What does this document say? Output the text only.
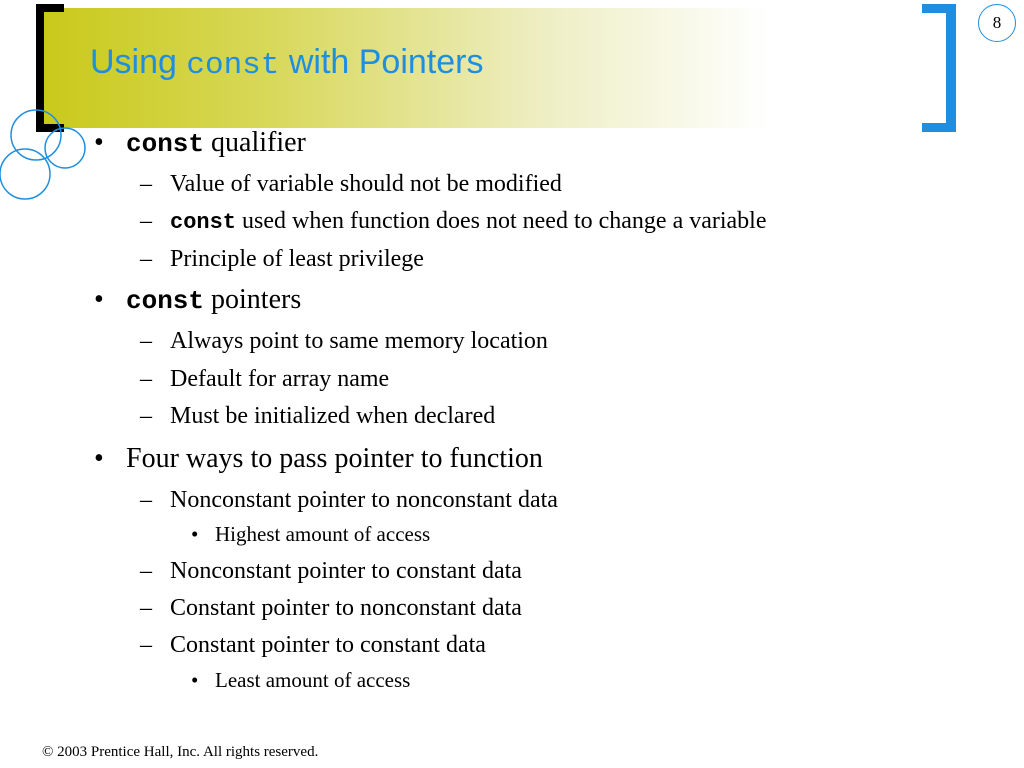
Using const with Pointers
8
• const qualifier
– Value of variable should not be modified
– const used when function does not need to change a variable
– Principle of least privilege
• const pointers
– Always point to same memory location
– Default for array name
– Must be initialized when declared
• Four ways to pass pointer to function
– Nonconstant pointer to nonconstant data
• Highest amount of access
– Nonconstant pointer to constant data
– Constant pointer to nonconstant data
– Constant pointer to constant data
• Least amount of access
© 2003 Prentice Hall, Inc. All rights reserved.
